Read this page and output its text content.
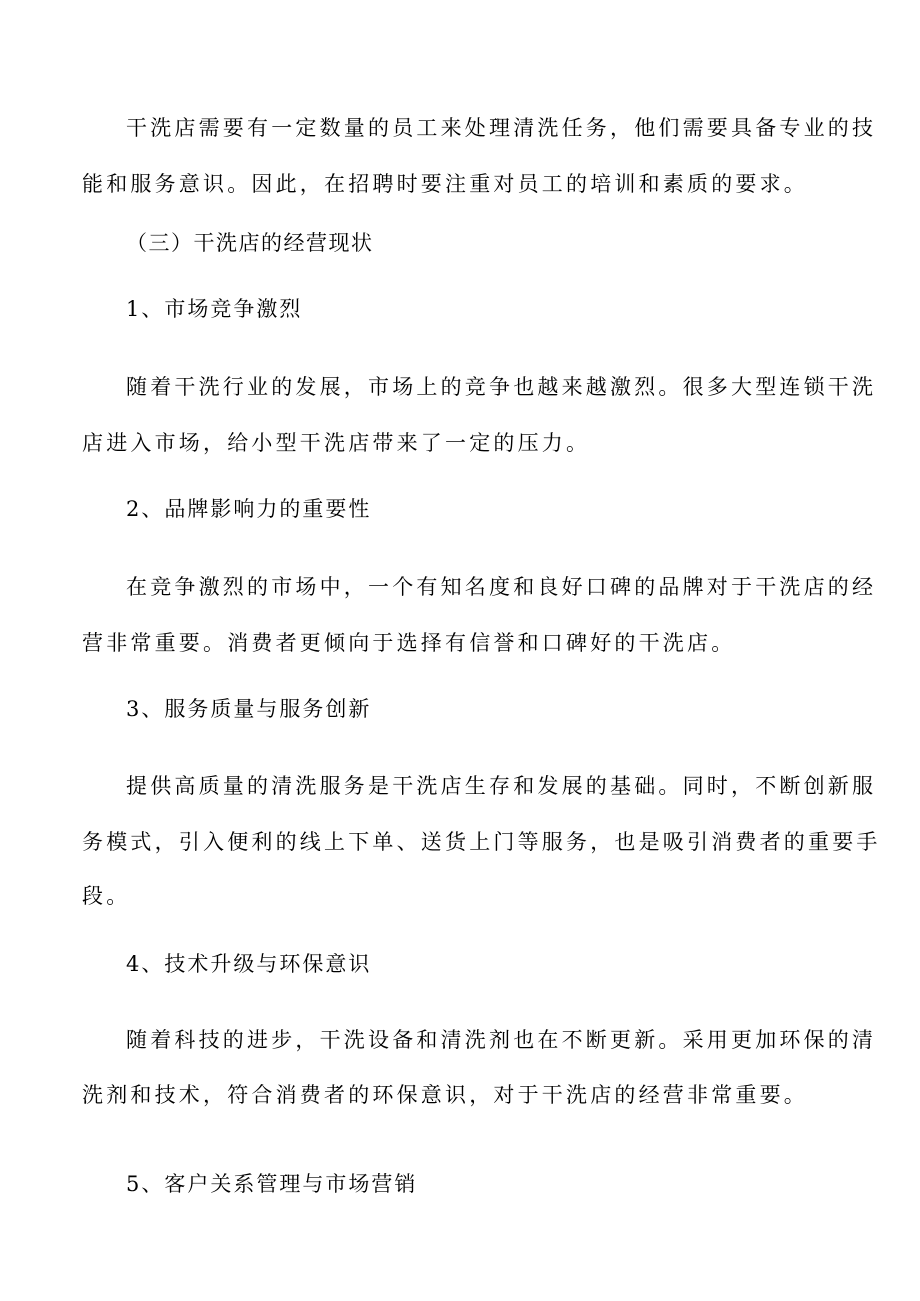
干洗店需要有一定数量的员工来处理清洗任务，他们需要具备专业的技
能和服务意识。因此，在招聘时要注重对员工的培训和素质的要求。
（三）干洗店的经营现状
1、市场竞争激烈
随着干洗行业的发展，市场上的竞争也越来越激烈。很多大型连锁干洗
店进入市场，给小型干洗店带来了一定的压力。
2、品牌影响力的重要性
在竞争激烈的市场中，一个有知名度和良好口碑的品牌对于干洗店的经
营非常重要。消费者更倾向于选择有信誉和口碑好的干洗店。
3、服务质量与服务创新
提供高质量的清洗服务是干洗店生存和发展的基础。同时，不断创新服
务模式，引入便利的线上下单、送货上门等服务，也是吸引消费者的重要手
段。
4、技术升级与环保意识
随着科技的进步，干洗设备和清洗剂也在不断更新。采用更加环保的清
洗剂和技术，符合消费者的环保意识，对于干洗店的经营非常重要。
5、客户关系管理与市场营销
